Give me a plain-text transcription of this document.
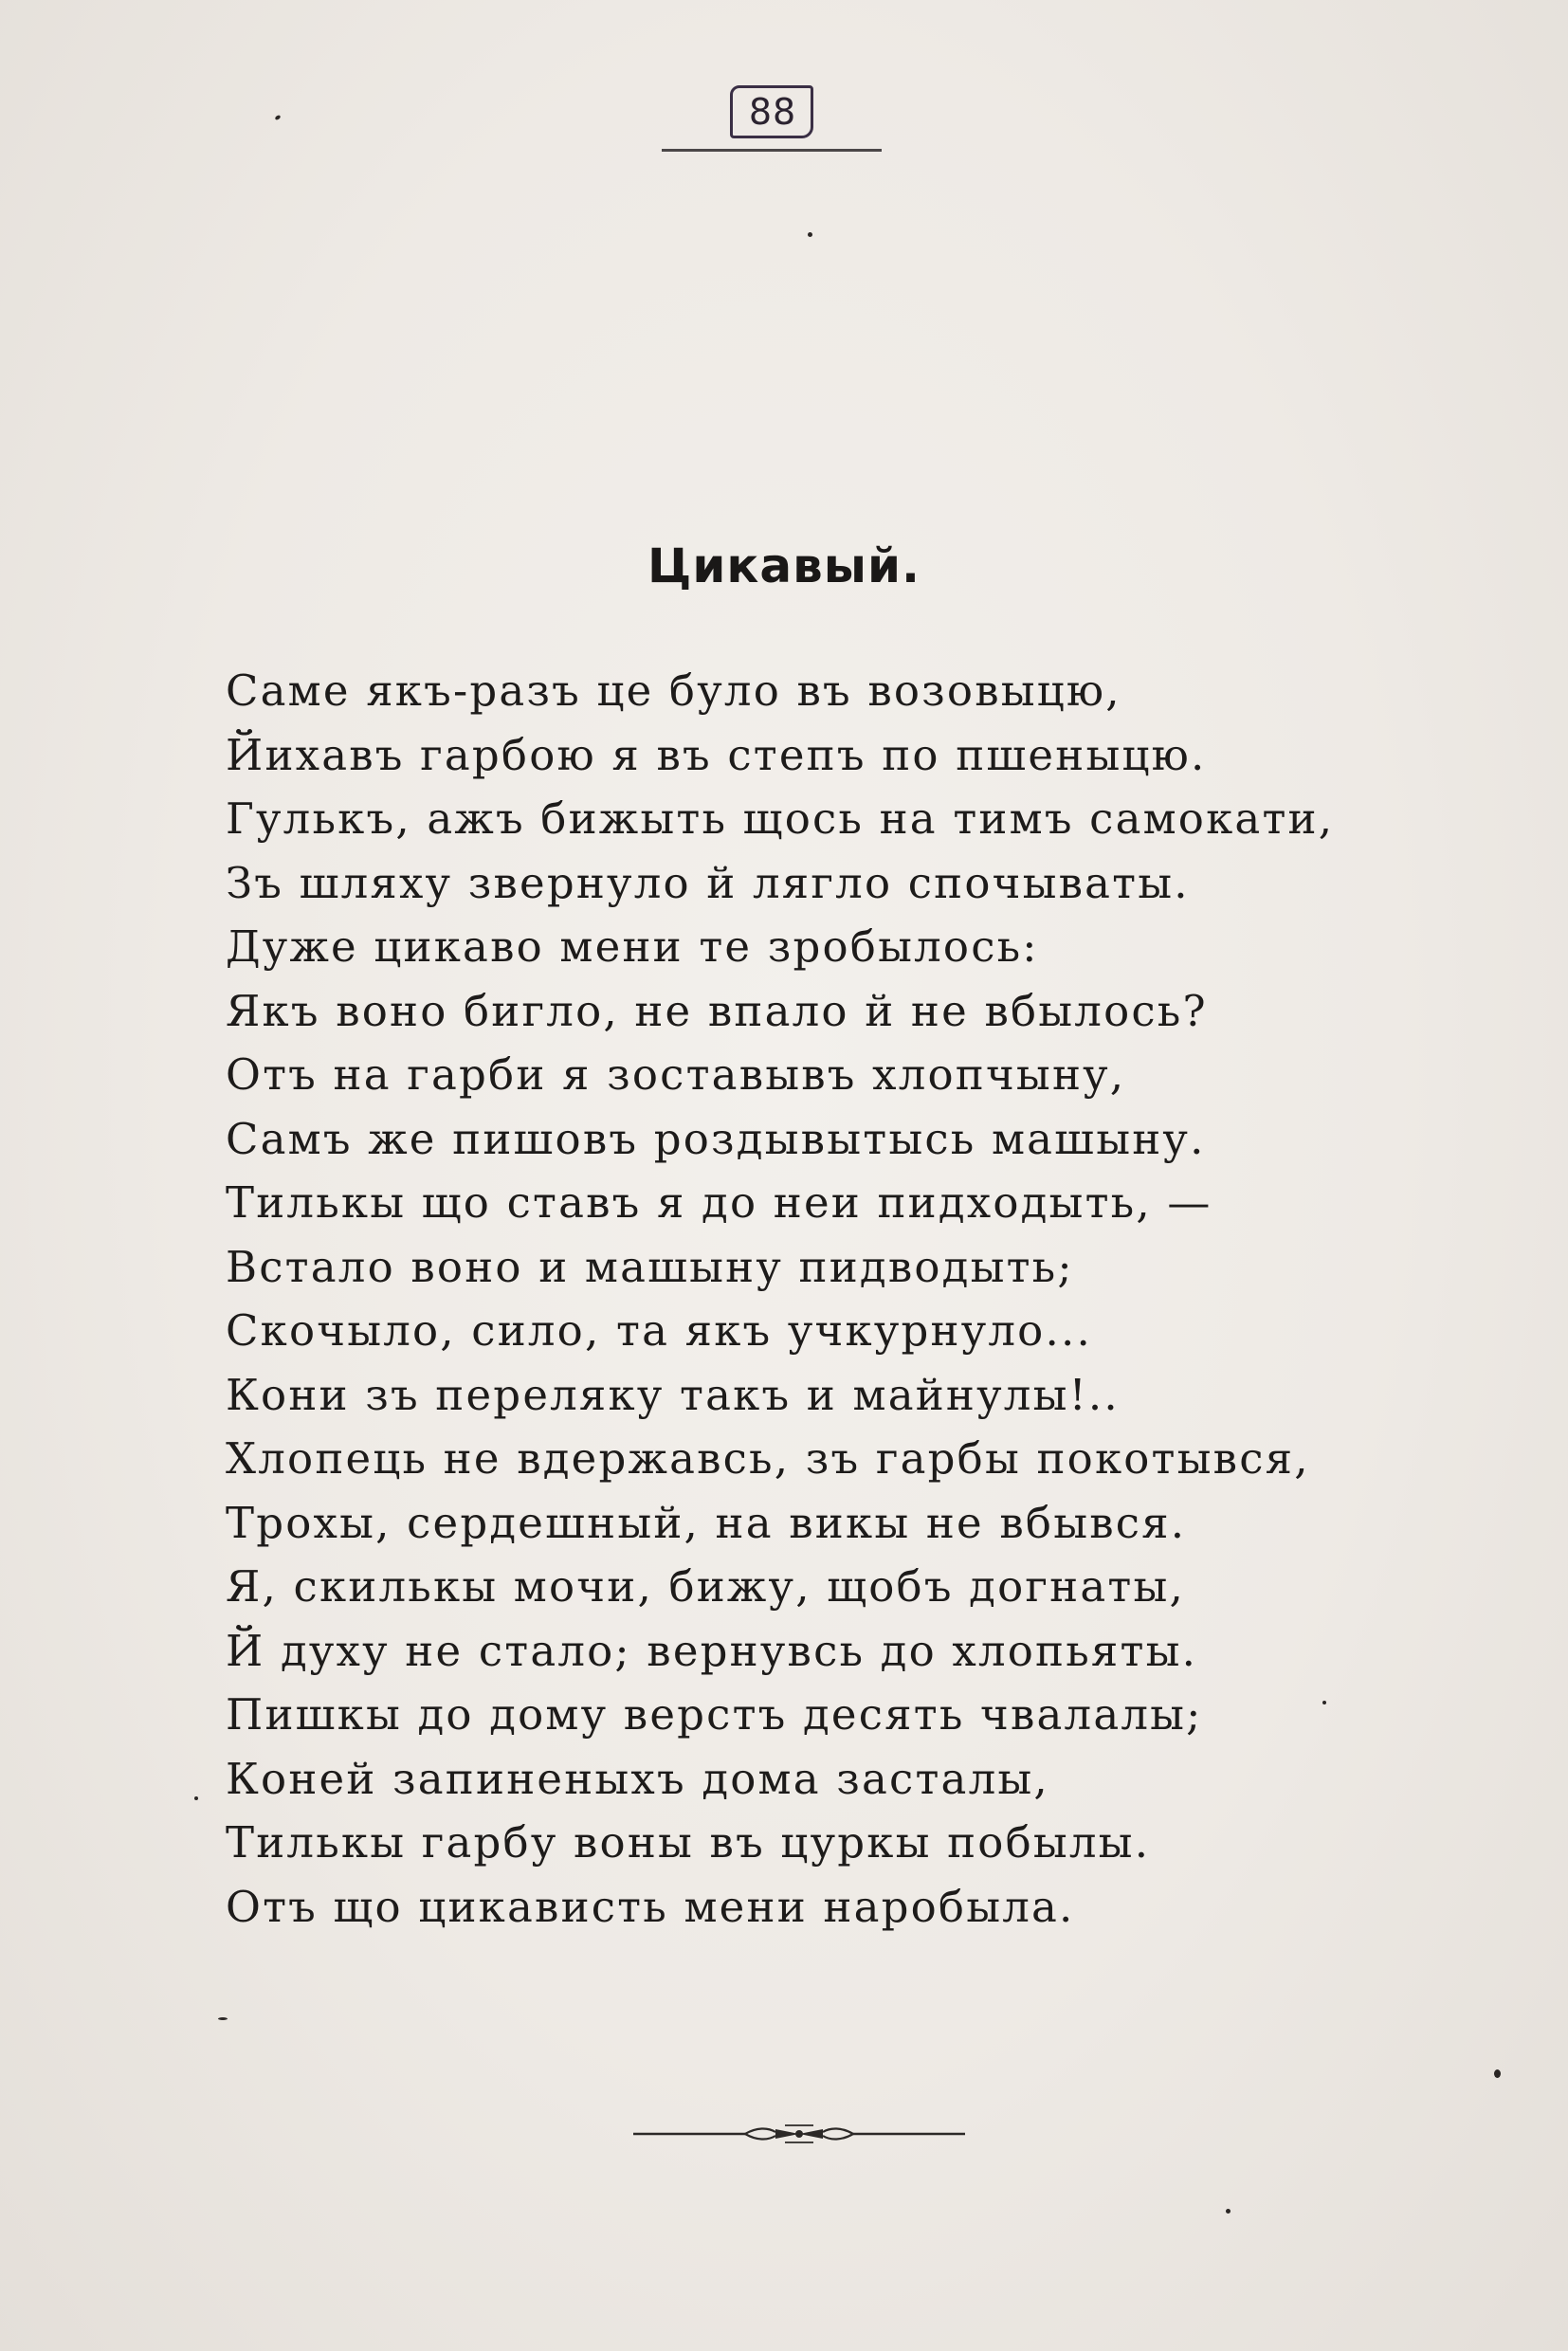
88
Цикавый.
Саме якъ-разъ це було въ возовыцю,
Йихавъ гарбою я въ степъ по пшеныцю.
Гулькъ, ажъ бижыть щось на тимъ самокати,
Зъ шляху звернуло й лягло спочываты.
Дуже цикаво мени те зробылось:
Якъ воно бигло, не впало й не вбылось?
Отъ на гарби я зоставывъ хлопчыну,
Самъ же пишовъ роздывытысь машыну.
Тилькы що ставъ я до неи пидходыть, —
Встало воно и машыну пидводыть;
Скочыло, сило, та якъ учкурнуло...
Кони зъ переляку такъ и майнулы!..
Хлопець не вдержавсь, зъ гарбы покотывся,
Трохы, сердешный, на викы не вбывся.
Я, скилькы мочи, бижу, щобъ догнаты,
Й духу не стало; вернувсь до хлопьяты.
Пишкы до дому верстъ десять чвалалы;
Коней запиненыхъ дома засталы,
Тилькы гарбу воны въ цуркы побылы.
Отъ що цикависть мени наробыла.
